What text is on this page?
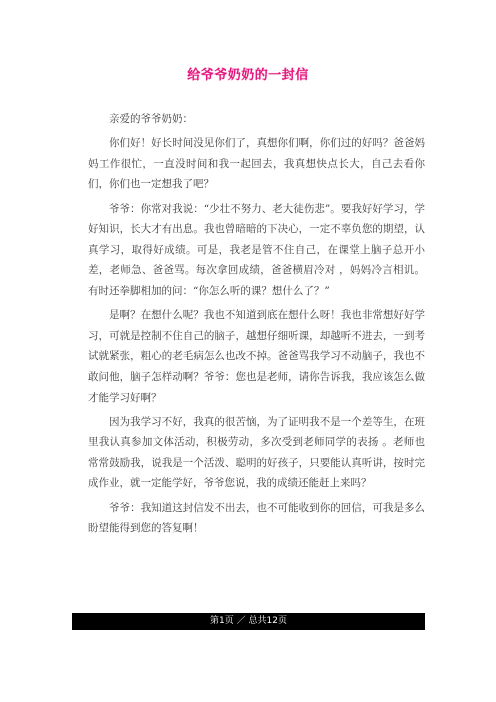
给爷爷奶奶的一封信

亲爱的爷爷奶奶：

你们好！好长时间没见你们了，真想你们啊，你们过的好吗？爸爸妈妈工作很忙，一直没时间和我一起回去，我真想快点长大，自己去看你们，你们也一定想我了吧？

爷爷：你常对我说：“少壮不努力、老大徒伤悲”。要我好好学习，学好知识，长大才有出息。我也曾暗暗的下决心，一定不辜负您的期望，认真学习，取得好成绩。可是，我老是管不住自己，在课堂上脑子总开小差，老师急、爸爸骂。每次拿回成绩，爸爸横眉冷对 ，妈妈冷言相讥。 有时还拳脚相加的问：“你怎么听的课？想什么了？”

是啊？在想什么呢？我也不知道到底在想什么呀！我也非常想好好学习，可就是控制不住自己的脑子，越想仔细听课，却越听不进去，一到考试就紧张，粗心的老毛病怎么也改不掉。爸爸骂我学习不动脑子，我也不敢问他，脑子怎样动啊？爷爷：您也是老师，请你告诉我，我应该怎么做才能学习好啊？

因为我学习不好，我真的很苦恼，为了证明我不是一个差等生，在班里我认真参加文体活动，积极劳动，多次受到老师同学的表扬 。老师也常常鼓励我，说我是一个活泼、聪明的好孩子，只要能认真听讲，按时完成作业，就一定能学好，爷爷您说，我的成绩还能赶上来吗？

爷爷：我知道这封信发不出去，也不可能收到你的回信，可我是多么盼望能得到您的答复啊！

第1页 ／ 总共12页
